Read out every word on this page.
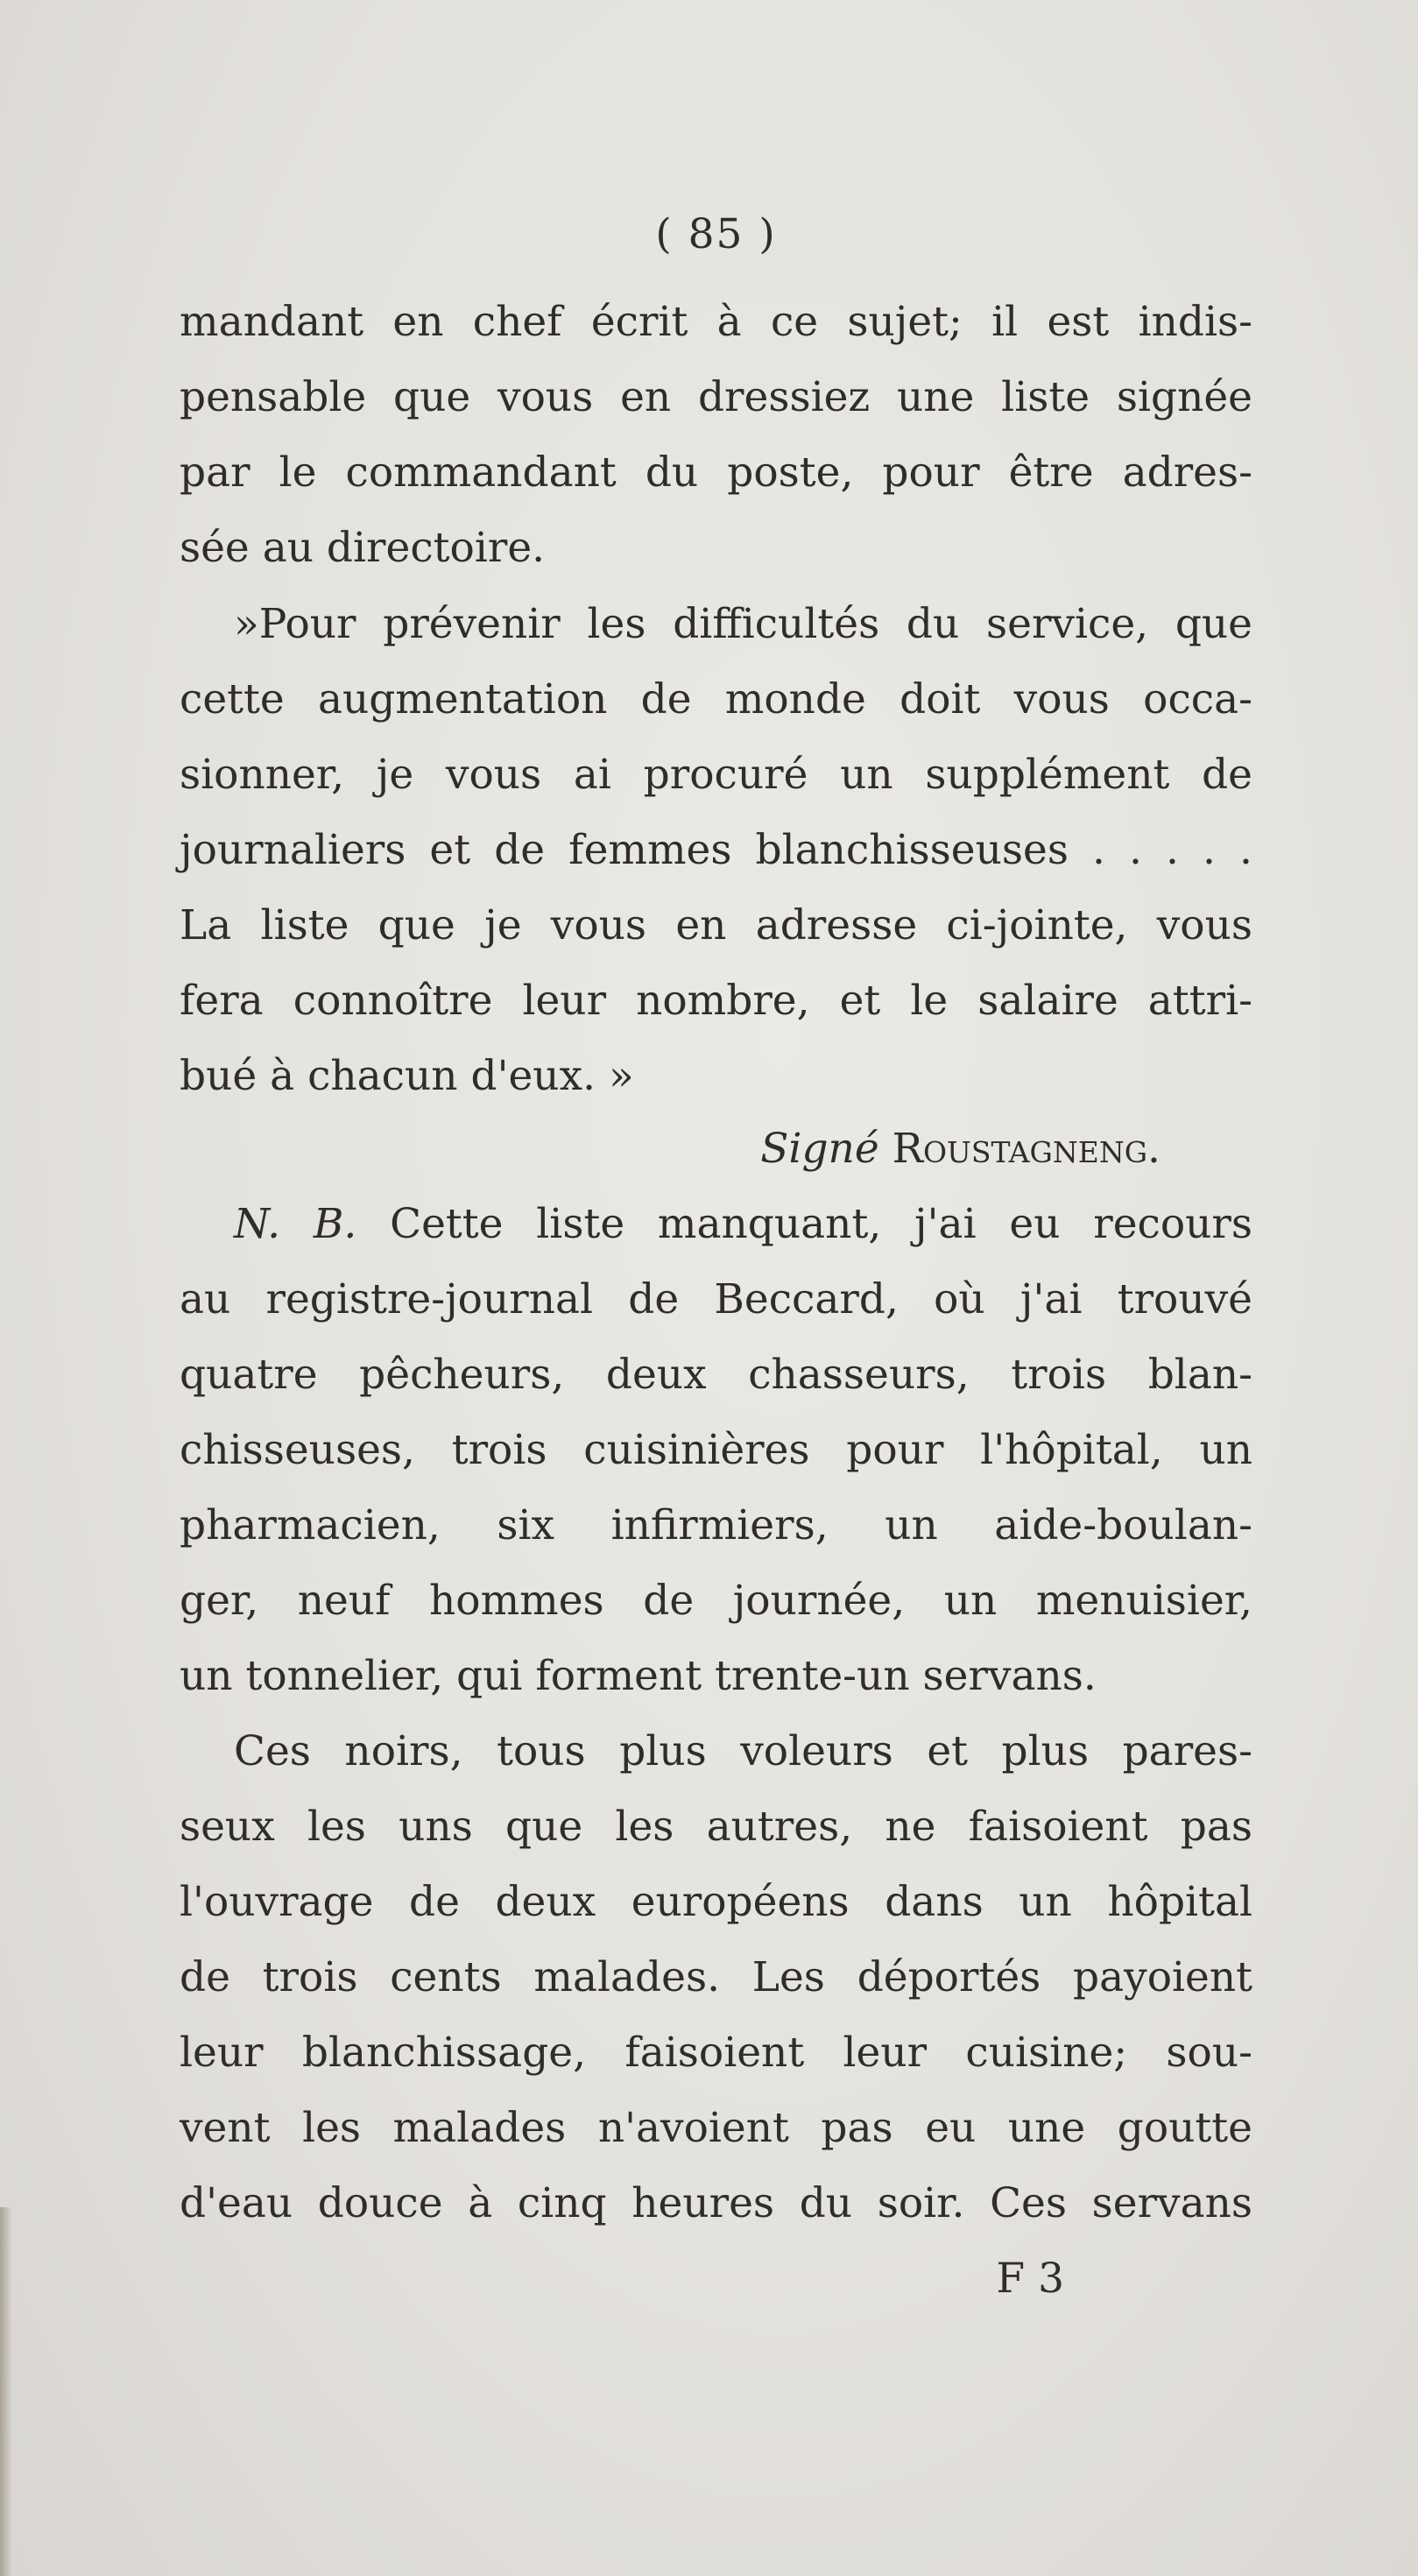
( 85 )
mandant en chef écrit à ce sujet; il est indis-
pensable que vous en dressiez une liste signée
par le commandant du poste, pour être adres-
sée au directoire.
»Pour prévenir les difficultés du service, que
cette augmentation de monde doit vous occa-
sionner, je vous ai procuré un supplément de
journaliers et de femmes blanchisseuses . . . . .
La liste que je vous en adresse ci-jointe, vous
fera connoître leur nombre, et le salaire attri-
bué à chacun d'eux. »
Signé Roustagneng.
N. B. Cette liste manquant, j'ai eu recours
au registre-journal de Beccard, où j'ai trouvé
quatre pêcheurs, deux chasseurs, trois blan-
chisseuses, trois cuisinières pour l'hôpital, un
pharmacien, six infirmiers, un aide-boulan-
ger, neuf hommes de journée, un menuisier,
un tonnelier, qui forment trente-un servans.
Ces noirs, tous plus voleurs et plus pares-
seux les uns que les autres, ne faisoient pas
l'ouvrage de deux européens dans un hôpital
de trois cents malades. Les déportés payoient
leur blanchissage, faisoient leur cuisine; sou-
vent les malades n'avoient pas eu une goutte
d'eau douce à cinq heures du soir. Ces servans
F 3
